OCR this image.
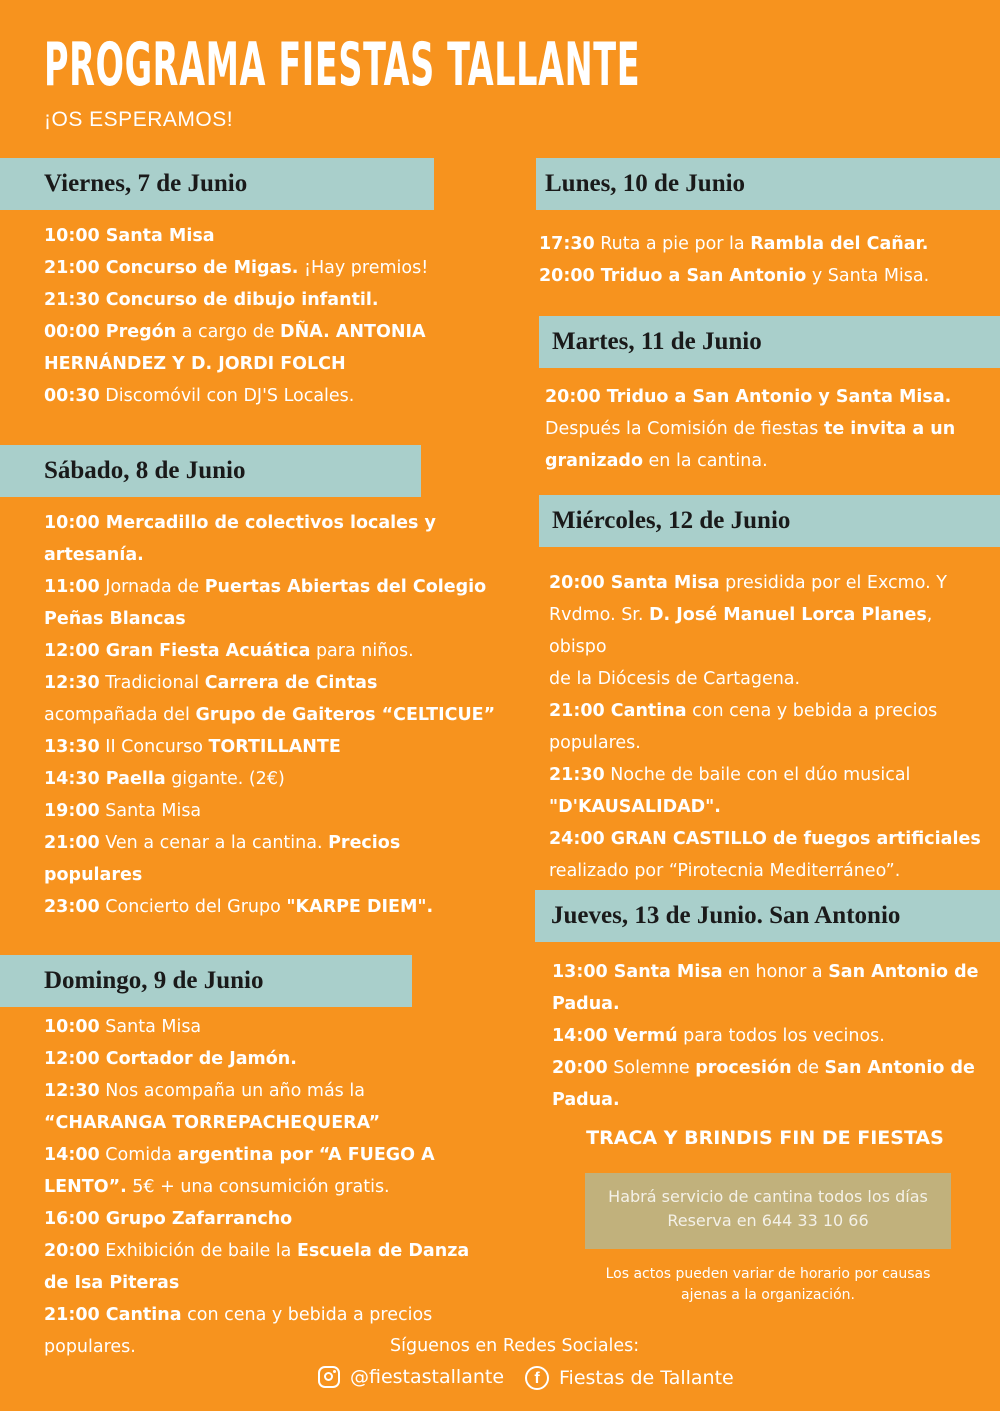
PROGRAMA FIESTAS TALLANTE
¡OS ESPERAMOS!
Viernes, 7 de Junio

10:00 Santa Misa

21:00 Concurso de Migas. ¡Hay premios!

21:30 Concurso de dibujo infantil.

00:00 Pregón a cargo de DÑA. ANTONIA

HERNÁNDEZ Y D. JORDI FOLCH

00:30 Discomóvil con DJ'S Locales.

Sábado, 8 de Junio

10:00 Mercadillo de colectivos locales y

artesanía.

11:00 Jornada de Puertas Abiertas del Colegio

Peñas Blancas

12:00 Gran Fiesta Acuática para niños.

12:30 Tradicional Carrera de Cintas

acompañada del Grupo de Gaiteros “CELTICUE”

13:30 II Concurso TORTILLANTE

14:30 Paella gigante. (2€)

19:00 Santa Misa

21:00 Ven a cenar a la cantina. Precios

populares

23:00 Concierto del Grupo "KARPE DIEM".

Domingo, 9 de Junio

10:00 Santa Misa

12:00 Cortador de Jamón.

12:30 Nos acompaña un año más la

“CHARANGA TORREPACHEQUERA”

14:00 Comida argentina por “A FUEGO A

LENTO”. 5€ + una consumición gratis.

16:00 Grupo Zafarrancho

20:00 Exhibición de baile la Escuela de Danza

de Isa Piteras

21:00 Cantina con cena y bebida a precios

populares.

Lunes, 10 de Junio

17:30 Ruta a pie por la Rambla del Cañar.

20:00 Triduo a San Antonio y Santa Misa.

Martes, 11 de Junio

20:00 Triduo a San Antonio y Santa Misa.

Después la Comisión de fiestas te invita a un

granizado en la cantina.

Miércoles, 12 de Junio

20:00 Santa Misa presidida por el Excmo. Y

Rvdmo. Sr. D. José Manuel Lorca Planes, obispo

de la Diócesis de Cartagena.

21:00 Cantina con cena y bebida a precios

populares.

21:30 Noche de baile con el dúo musical

"D'KAUSALIDAD".

24:00 GRAN CASTILLO de fuegos artificiales

realizado por “Pirotecnia Mediterráneo”.

Jueves, 13 de Junio. San Antonio

13:00 Santa Misa en honor a San Antonio de

Padua.

14:00 Vermú para todos los vecinos.

20:00 Solemne procesión de San Antonio de

Padua.

TRACA Y BRINDIS FIN DE FIESTAS
Habrá servicio de cantina todos los días
Reserva en 644 33 10 66
Los actos pueden variar de horario por causas
ajenas a la organización.
Síguenos en Redes Sociales:
@fiestastallante	f	Fiestas de Tallante
